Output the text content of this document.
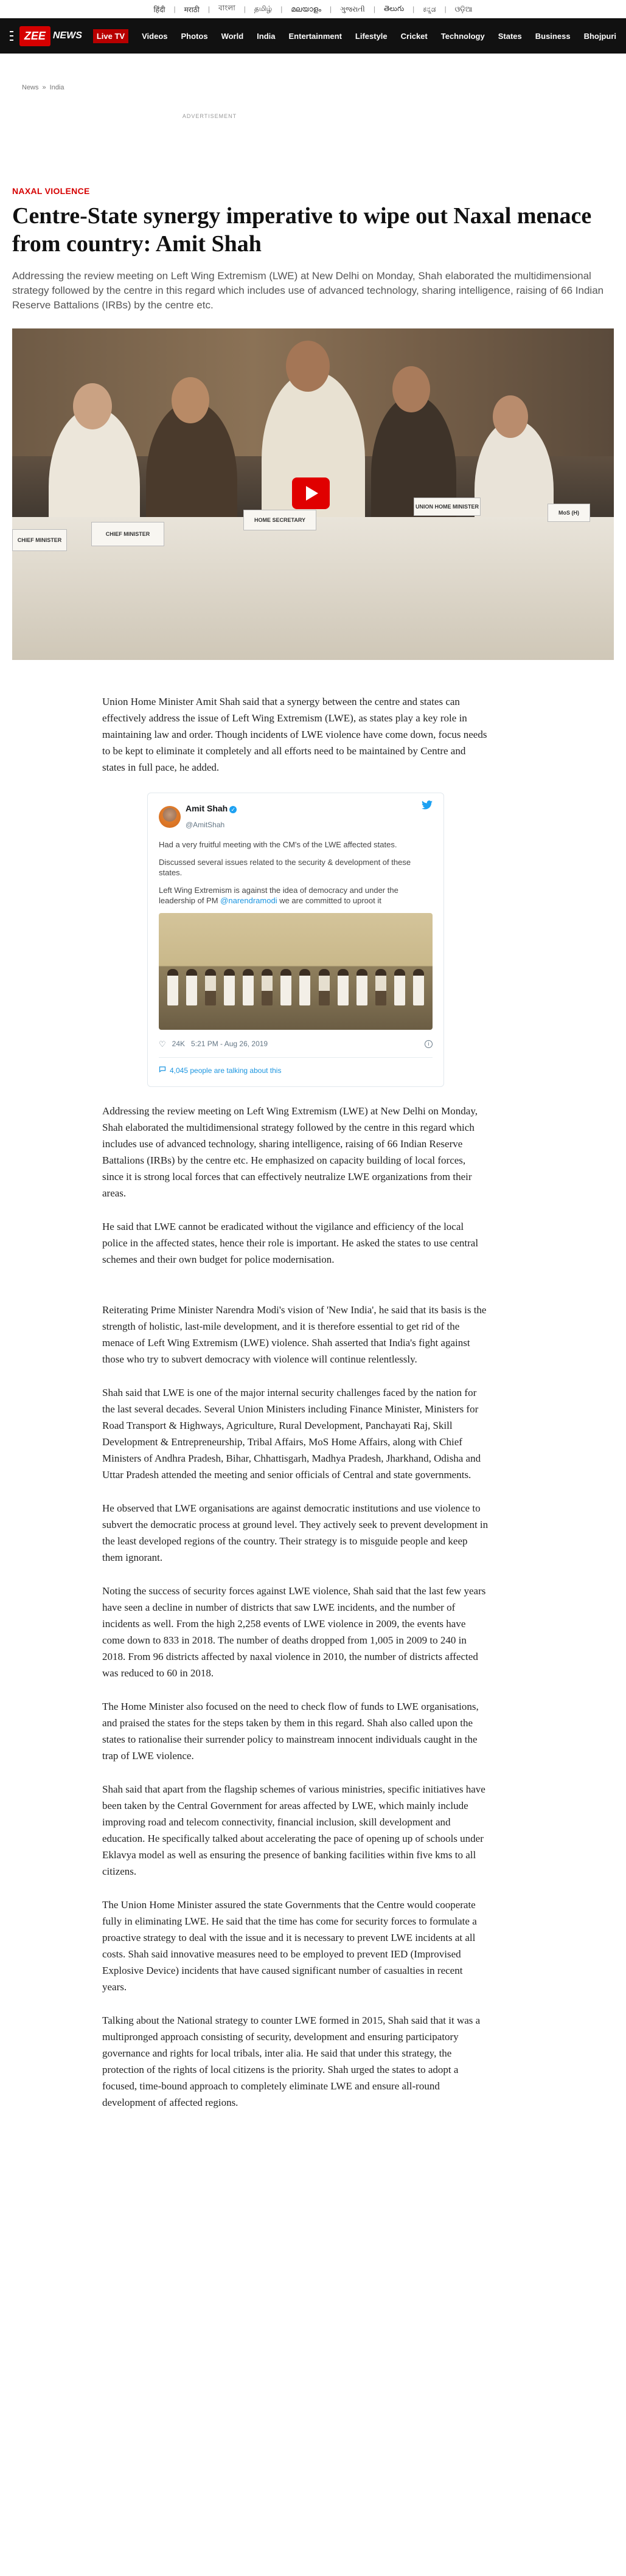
हिंदी | मराठी | বাংলা | தமிழ் | മലയാളം | ગુજરાતી | తెలుగు | ಕನ್ನಡ | ଓଡ଼ିଆ
ZEE NEWS	Live TV	Videos Photos World India Entertainment Lifestyle Cricket Technology States Business Bhojpuri
News » India
ADVERTISEMENT
NAXAL VIOLENCE
Centre-State synergy imperative to wipe out Naxal menace from country: Amit Shah

Addressing the review meeting on Left Wing Extremism (LWE) at New Delhi on Monday, Shah elaborated the multidimensional strategy followed by the centre in this regard which includes use of advanced technology, sharing intelligence, raising of 66 Indian Reserve Battalions (IRBs) by the centre etc.

CHIEF MINISTER
CHIEF MINISTER
HOME SECRETARY
UNION HOME MINISTER
MoS (H)

Union Home Minister Amit Shah said that a synergy between the centre and states can effectively address the issue of Left Wing Extremism (LWE), as states play a key role in maintaining law and order. Though incidents of LWE violence have come down, focus needs to be kept to eliminate it completely and all efforts need to be maintained by Centre and states in full pace, he added.

Amit Shah ✓
@AmitShah

Had a very fruitful meeting with the CM's of the LWE affected states.

Discussed several issues related to the security & development of these states.

Left Wing Extremism is against the idea of democracy and under the leadership of PM @narendramodi we are committed to uproot it

♡ 24K 5:21 PM - Aug 26, 2019	i
4,045 people are talking about this

Addressing the review meeting on Left Wing Extremism (LWE) at New Delhi on Monday, Shah elaborated the multidimensional strategy followed by the centre in this regard which includes use of advanced technology, sharing intelligence, raising of 66 Indian Reserve Battalions (IRBs) by the centre etc. He emphasized on capacity building of local forces, since it is strong local forces that can effectively neutralize LWE organizations from their areas.

He said that LWE cannot be eradicated without the vigilance and efficiency of the local police in the affected states, hence their role is important. He asked the states to use central schemes and their own budget for police modernisation.

Reiterating Prime Minister Narendra Modi's vision of 'New India', he said that its basis is the strength of holistic, last-mile development, and it is therefore essential to get rid of the menace of Left Wing Extremism (LWE) violence. Shah asserted that India's fight against those who try to subvert democracy with violence will continue relentlessly.

Shah said that LWE is one of the major internal security challenges faced by the nation for the last several decades. Several Union Ministers including Finance Minister, Ministers for Road Transport & Highways, Agriculture, Rural Development, Panchayati Raj, Skill Development & Entrepreneurship, Tribal Affairs, MoS Home Affairs, along with Chief Ministers of Andhra Pradesh, Bihar, Chhattisgarh, Madhya Pradesh, Jharkhand, Odisha and Uttar Pradesh attended the meeting and senior officials of Central and state governments.

He observed that LWE organisations are against democratic institutions and use violence to subvert the democratic process at ground level. They actively seek to prevent development in the least developed regions of the country. Their strategy is to misguide people and keep them ignorant.

Noting the success of security forces against LWE violence, Shah said that the last few years have seen a decline in number of districts that saw LWE incidents, and the number of incidents as well. From the high 2,258 events of LWE violence in 2009, the events have come down to 833 in 2018. The number of deaths dropped from 1,005 in 2009 to 240 in 2018. From 96 districts affected by naxal violence in 2010, the number of districts affected was reduced to 60 in 2018.

The Home Minister also focused on the need to check flow of funds to LWE organisations, and praised the states for the steps taken by them in this regard. Shah also called upon the states to rationalise their surrender policy to mainstream innocent individuals caught in the trap of LWE violence.

Shah said that apart from the flagship schemes of various ministries, specific initiatives have been taken by the Central Government for areas affected by LWE, which mainly include improving road and telecom connectivity, financial inclusion, skill development and education. He specifically talked about accelerating the pace of opening up of schools under Eklavya model as well as ensuring the presence of banking facilities within five kms to all citizens.

The Union Home Minister assured the state Governments that the Centre would cooperate fully in eliminating LWE. He said that the time has come for security forces to formulate a proactive strategy to deal with the issue and it is necessary to prevent LWE incidents at all costs. Shah said innovative measures need to be employed to prevent IED (Improvised Explosive Device) incidents that have caused significant number of casualties in recent years.

Talking about the National strategy to counter LWE formed in 2015, Shah said that it was a multipronged approach consisting of security, development and ensuring participatory governance and rights for local tribals, inter alia. He said that under this strategy, the protection of the rights of local citizens is the priority. Shah urged the states to adopt a focused, time-bound approach to completely eliminate LWE and ensure all-round development of affected regions.
